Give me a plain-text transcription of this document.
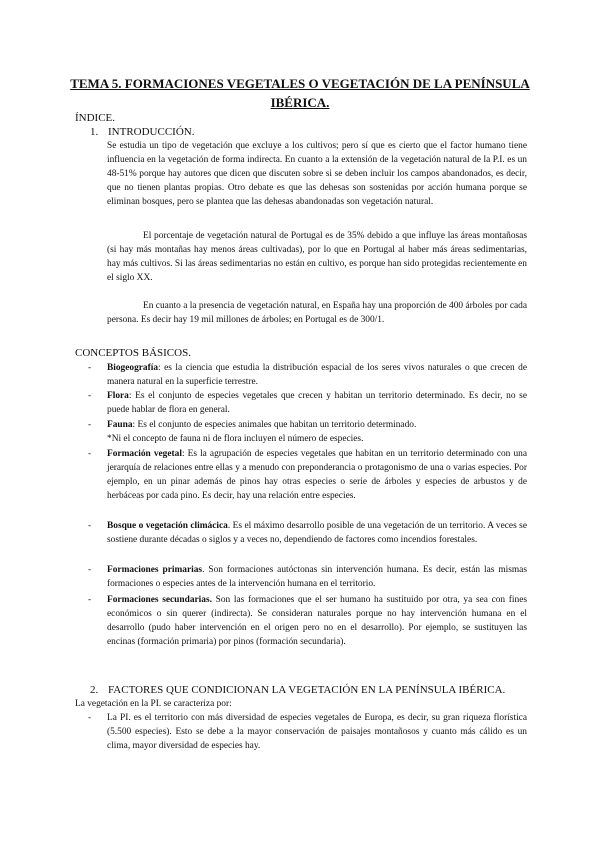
TEMA 5. FORMACIONES VEGETALES O VEGETACIÓN DE LA PENÍNSULA IBÉRICA.
ÍNDICE.
1. INTRODUCCIÓN.
Se estudia un tipo de vegetación que excluye a los cultivos; pero sí que es cierto que el factor humano tiene influencia en la vegetación de forma indirecta. En cuanto a la extensión de la vegetación natural de la P.I. es un 48-51% porque hay autores que dicen que discuten sobre si se deben incluir los campos abandonados, es decir, que no tienen plantas propias. Otro debate es que las dehesas son sostenidas por acción humana porque se eliminan bosques, pero se plantea que las dehesas abandonadas son vegetación natural.
El porcentaje de vegetación natural de Portugal es de 35% debido a que influye las áreas montañosas (si hay más montañas hay menos áreas cultivadas), por lo que en Portugal al haber más áreas sedimentarias, hay más cultivos. Si las áreas sedimentarias no están en cultivo, es porque han sido protegidas recientemente en el siglo XX.
En cuanto a la presencia de vegetación natural, en España hay una proporción de 400 árboles por cada persona. Es decir hay 19 mil millones de árboles; en Portugal es de 300/1.
CONCEPTOS BÁSICOS.
- Biogeografía: es la ciencia que estudia la distribución espacial de los seres vivos naturales o que crecen de manera natural en la superficie terrestre.
- Flora: Es el conjunto de especies vegetales que crecen y habitan un territorio determinado. Es decir, no se puede hablar de flora en general.
- Fauna: Es el conjunto de especies animales que habitan un territorio determinado.
*Ni el concepto de fauna ni de flora incluyen el número de especies.
- Formación vegetal: Es la agrupación de especies vegetales que habitan en un territorio determinado con una jerarquía de relaciones entre ellas y a menudo con preponderancia o protagonismo de una o varias especies. Por ejemplo, en un pinar además de pinos hay otras especies o serie de árboles y especies de arbustos y de herbáceas por cada pino. Es decir, hay una relación entre especies.
- Bosque o vegetación climácica. Es el máximo desarrollo posible de una vegetación de un territorio. A veces se sostiene durante décadas o siglos y a veces no, dependiendo de factores como incendios forestales.
- Formaciones primarias. Son formaciones autóctonas sin intervención humana. Es decir, están las mismas formaciones o especies antes de la intervención humana en el territorio.
- Formaciones secundarias. Son las formaciones que el ser humano ha sustituido por otra, ya sea con fines económicos o sin querer (indirecta). Se consideran naturales porque no hay intervención humana en el desarrollo (pudo haber intervención en el origen pero no en el desarrollo). Por ejemplo, se sustituyen las encinas (formación primaria) por pinos (formación secundaria).
2. FACTORES QUE CONDICIONAN LA VEGETACIÓN EN LA PENÍNSULA IBÉRICA.
La vegetación en la PI. se caracteriza por:
- La PI. es el territorio con más diversidad de especies vegetales de Europa, es decir, su gran riqueza florística (5.500 especies). Esto se debe a la mayor conservación de paisajes montañosos y cuanto más cálido es un clima, mayor diversidad de especies hay.
